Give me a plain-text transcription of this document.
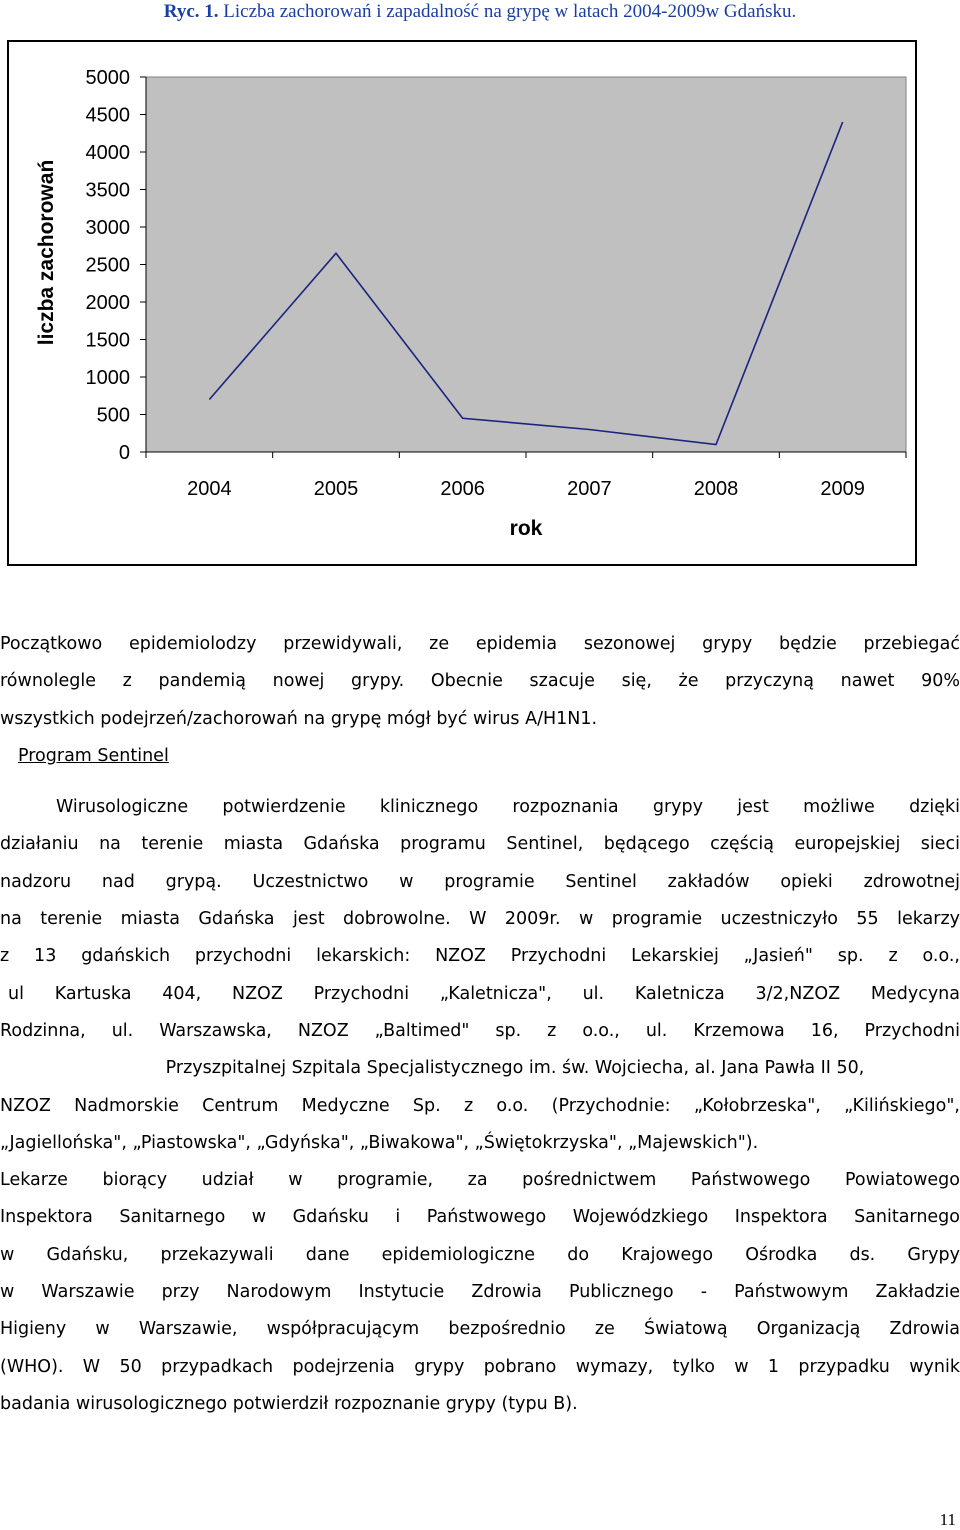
Ryc. 1. Liczba zachorowań i zapadalność na grypę w latach 2004-2009w Gdańsku.
0
500
1000
1500
2000
2500
3000
3500
4000
4500
5000
2004	2005	2006	2007	2008	2009
rok
liczba zachorowań
Początkowo epidemiolodzy przewidywali, ze epidemia sezonowej grypy będzie przebiegać
równolegle z pandemią nowej grypy. Obecnie szacuje się, że przyczyną nawet 90%
wszystkich podejrzeń/zachorowań na grypę mógł być wirus A/H1N1.
Program Sentinel
Wirusologiczne potwierdzenie klinicznego rozpoznania grypy jest możliwe dzięki
działaniu na terenie miasta Gdańska programu Sentinel, będącego częścią europejskiej sieci
nadzoru nad grypą. Uczestnictwo w programie Sentinel zakładów opieki zdrowotnej
na terenie miasta Gdańska jest dobrowolne. W 2009r. w programie uczestniczyło 55 lekarzy
z 13 gdańskich przychodni lekarskich: NZOZ Przychodni Lekarskiej „Jasień" sp. z o.o.,
ul Kartuska 404, NZOZ Przychodni „Kaletnicza", ul. Kaletnicza 3/2,NZOZ Medycyna
Rodzinna, ul. Warszawska, NZOZ „Baltimed" sp. z o.o., ul. Krzemowa 16, Przychodni
Przyszpitalnej Szpitala Specjalistycznego im. św. Wojciecha, al. Jana Pawła II 50,
NZOZ Nadmorskie Centrum Medyczne Sp. z o.o. (Przychodnie: „Kołobrzeska", „Kilińskiego",
„Jagiellońska", „Piastowska", „Gdyńska", „Biwakowa", „Świętokrzyska", „Majewskich").
Lekarze biorący udział w programie, za pośrednictwem Państwowego Powiatowego
Inspektora Sanitarnego w Gdańsku i Państwowego Wojewódzkiego Inspektora Sanitarnego
w Gdańsku, przekazywali dane epidemiologiczne do Krajowego Ośrodka ds. Grypy
w Warszawie przy Narodowym Instytucie Zdrowia Publicznego - Państwowym Zakładzie
Higieny w Warszawie, współpracującym bezpośrednio ze Światową Organizacją Zdrowia
(WHO). W 50 przypadkach podejrzenia grypy pobrano wymazy, tylko w 1 przypadku wynik
badania wirusologicznego potwierdził rozpoznanie grypy (typu B).
11
